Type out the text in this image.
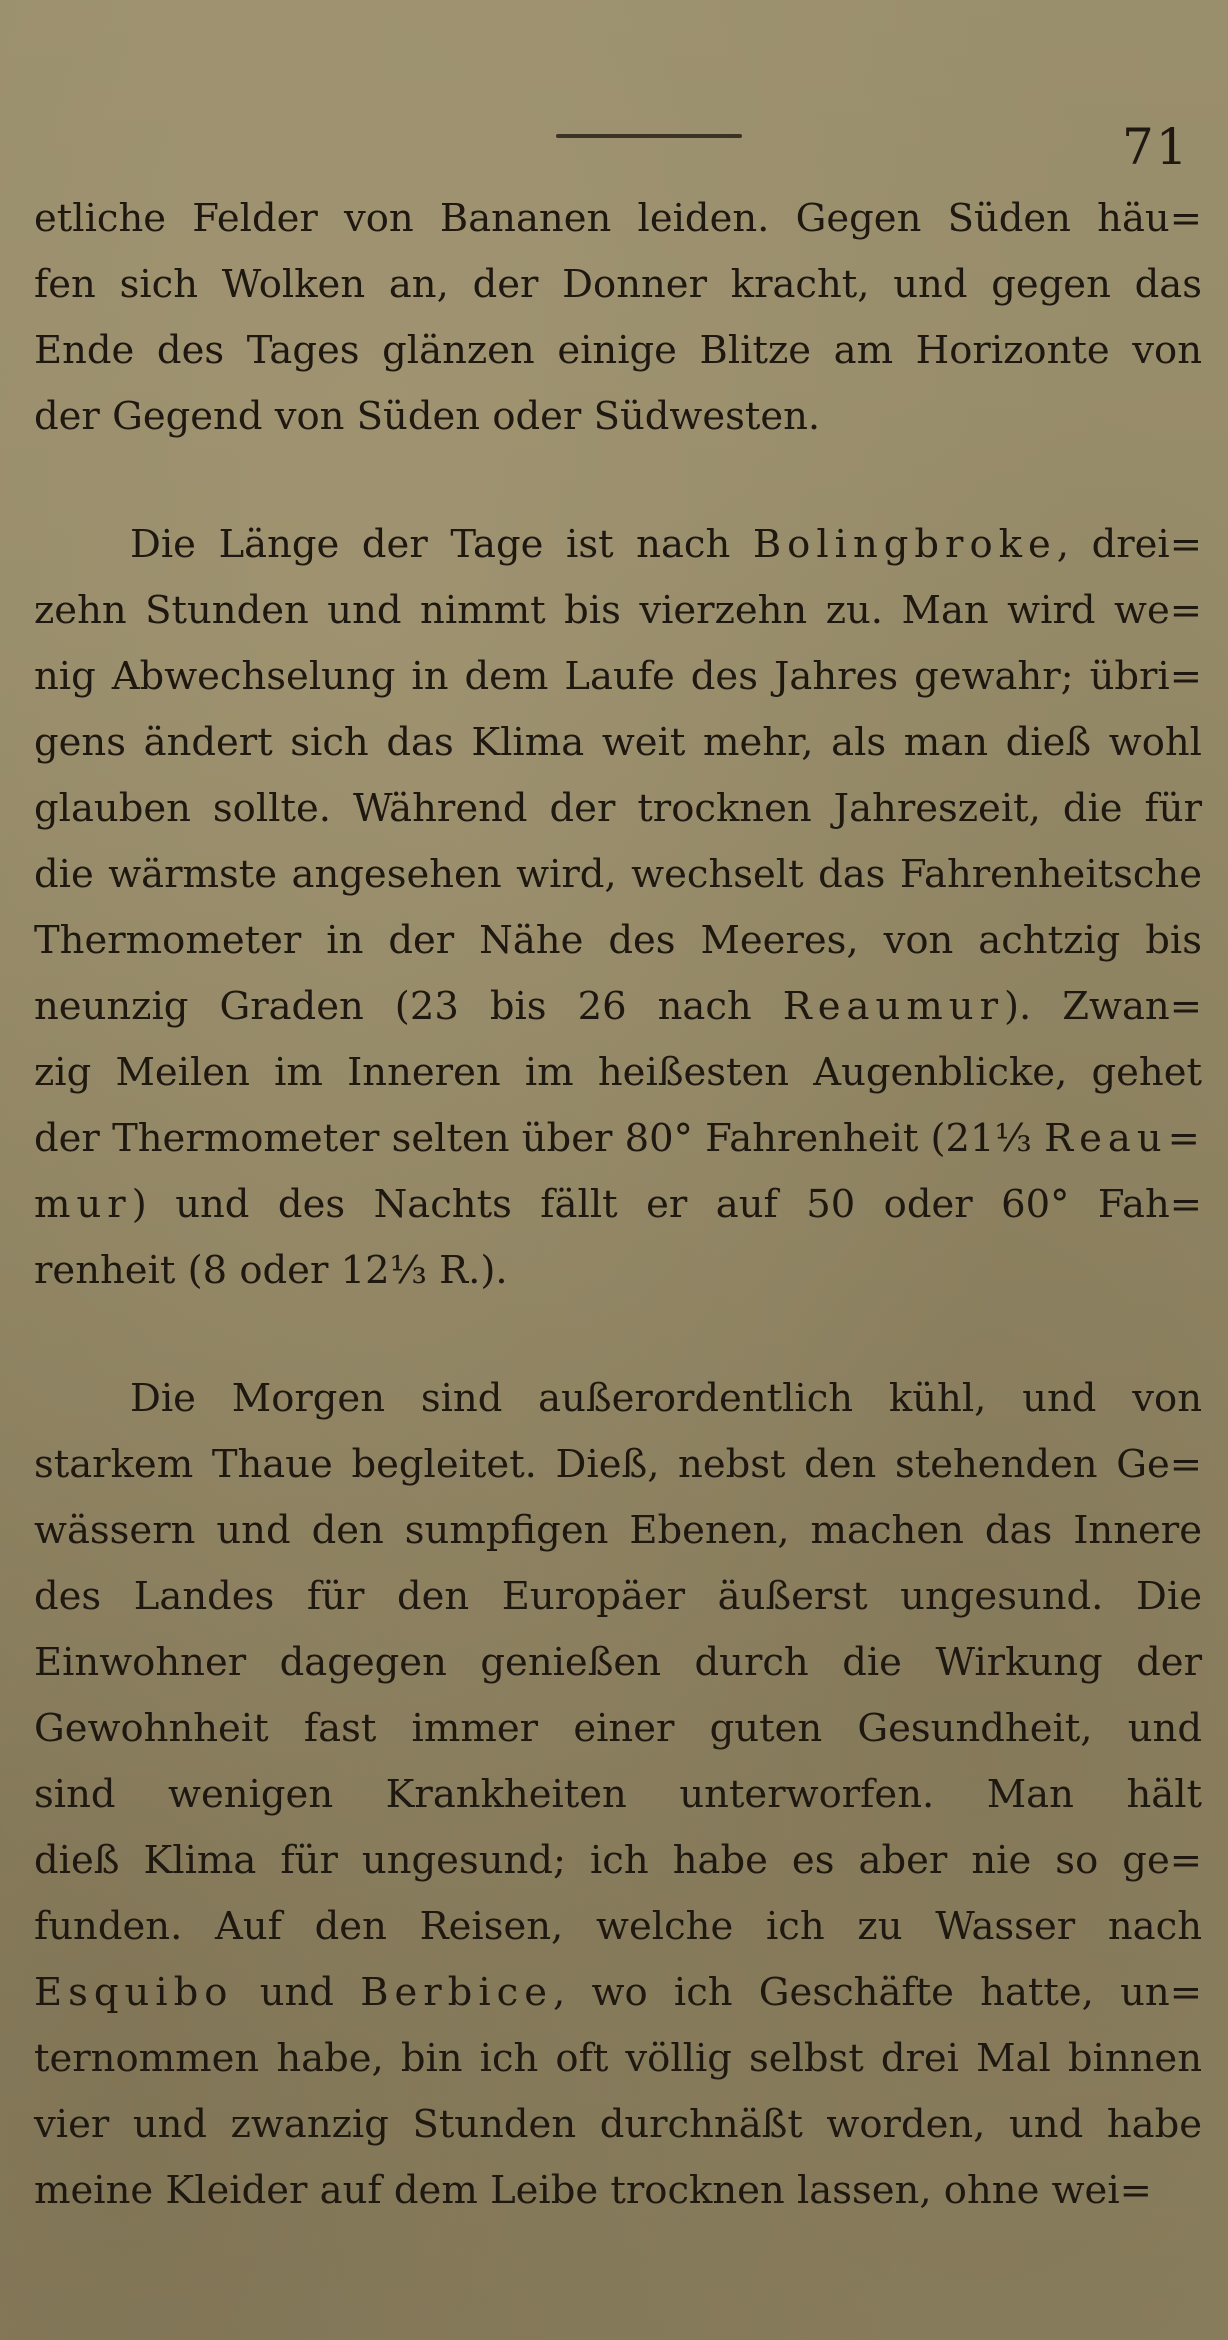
71
etliche Felder von Bananen leiden. Gegen Süden häu=
fen sich Wolken an, der Donner kracht, und gegen das
Ende des Tages glänzen einige Blitze am Horizonte von
der Gegend von Süden oder Südwesten.
Die Länge der Tage ist nach Bolingbroke, drei=
zehn Stunden und nimmt bis vierzehn zu. Man wird we=
nig Abwechselung in dem Laufe des Jahres gewahr; übri=
gens ändert sich das Klima weit mehr, als man dieß wohl
glauben sollte. Während der trocknen Jahreszeit, die für
die wärmste angesehen wird, wechselt das Fahrenheitsche
Thermometer in der Nähe des Meeres, von achtzig bis
neunzig Graden (23 bis 26 nach Reaumur). Zwan=
zig Meilen im Inneren im heißesten Augenblicke, gehet
der Thermometer selten über 80° Fahrenheit (21⅓ Reau=
mur) und des Nachts fällt er auf 50 oder 60° Fah=
renheit (8 oder 12⅓ R.).
Die Morgen sind außerordentlich kühl, und von
starkem Thaue begleitet. Dieß, nebst den stehenden Ge=
wässern und den sumpfigen Ebenen, machen das Innere
des Landes für den Europäer äußerst ungesund. Die
Einwohner dagegen genießen durch die Wirkung der
Gewohnheit fast immer einer guten Gesundheit, und
sind wenigen Krankheiten unterworfen. Man hält
dieß Klima für ungesund; ich habe es aber nie so ge=
funden. Auf den Reisen, welche ich zu Wasser nach
Esquibo und Berbice, wo ich Geschäfte hatte, un=
ternommen habe, bin ich oft völlig selbst drei Mal binnen
vier und zwanzig Stunden durchnäßt worden, und habe
meine Kleider auf dem Leibe trocknen lassen, ohne wei=
